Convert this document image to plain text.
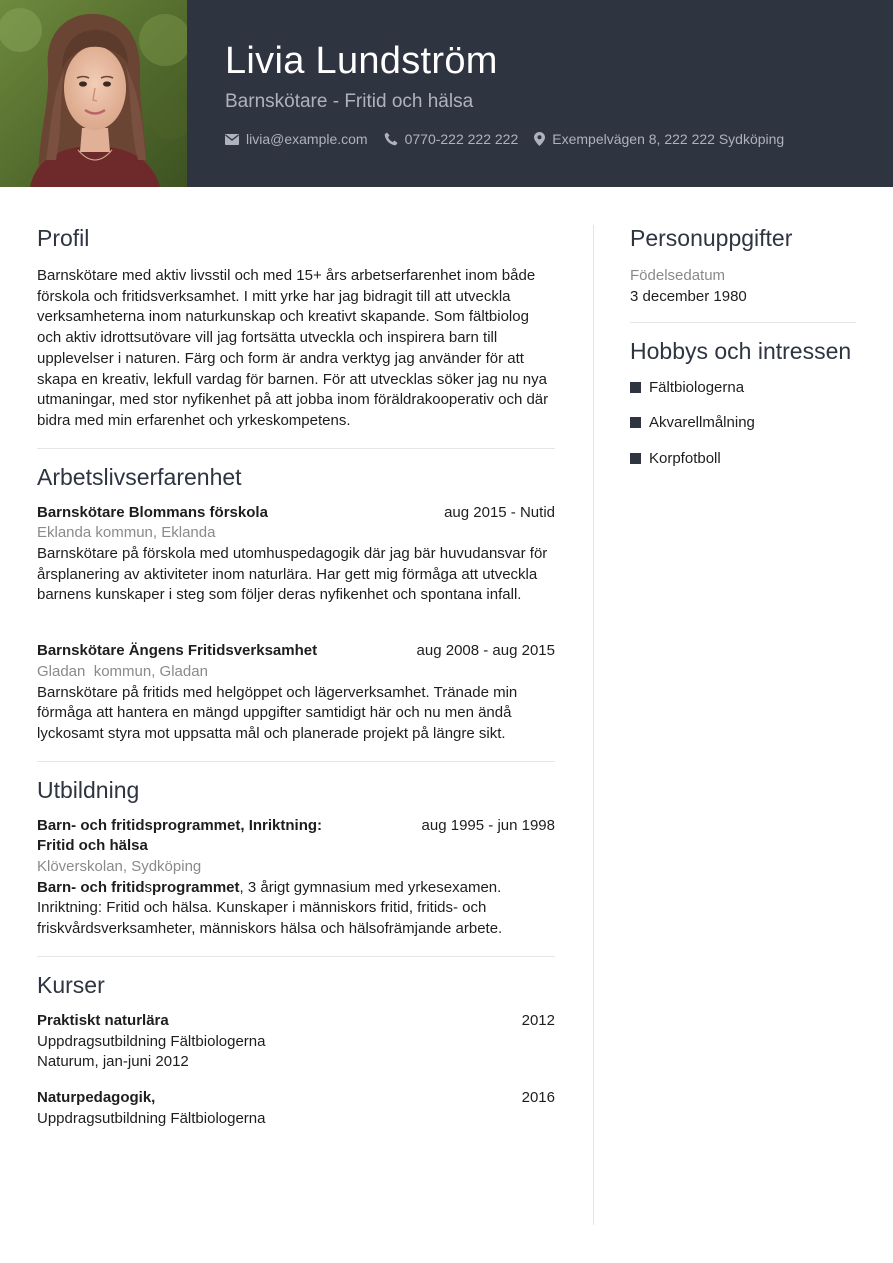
Livia Lundström
Barnskötare - Fritid och hälsa
livia@example.com	0770-222 222 222 Exempelvägen 8, 222 222 Sydköping
Profil
Barnskötare med aktiv livsstil och med 15+ års arbetserfarenhet inom både förskola och fritidsverksamhet. I mitt yrke har jag bidragit till att utveckla verksamheterna inom naturkunskap och kreativt skapande. Som fältbiolog och aktiv idrottsutövare vill jag fortsätta utveckla och inspirera barn till upplevelser i naturen. Färg och form är andra verktyg jag använder för att skapa en kreativ, lekfull vardag för barnen. För att utvecklas söker jag nu nya utmaningar, med stor nyfikenhet på att jobba inom föräldrakooperativ och där bidra med min erfarenhet och yrkeskompetens.
Arbetslivserfarenhet
Barnskötare Blommans förskola	aug 2015 - Nutid
Eklanda kommun, Eklanda
Barnskötare på förskola med utomhuspedagogik där jag bär huvudansvar för årsplanering av aktiviteter inom naturlära. Har gett mig förmåga att utveckla barnens kunskaper i steg som följer deras nyfikenhet och spontana infall.
Barnskötare Ängens Fritidsverksamhet	aug 2008 - aug 2015
Gladan  kommun, Gladan
Barnskötare på fritids med helgöppet och lägerverksamhet. Tränade min förmåga att hantera en mängd uppgifter samtidigt här och nu men ändå lyckosamt styra mot uppsatta mål och planerade projekt på längre sikt.
Utbildning
Barn- och fritidsprogrammet, Inriktning: Fritid och hälsa
aug 1995 - jun 1998
Klöverskolan, Sydköping
Barn- och fritidsprogrammet, 3 årigt gymnasium med yrkesexamen. Inriktning: Fritid och hälsa. Kunskaper i människors fritid, fritids- och friskvårdsverksamheter, människors hälsa och hälsofrämjande arbete.
Kurser
Praktiskt naturlära	2012
Uppdragsutbildning Fältbiologerna
Naturum, jan-juni 2012
Naturpedagogik,	2016
Uppdragsutbildning Fältbiologerna
Personuppgifter
Födelsedatum
3 december 1980
Hobbys och intressen
Fältbiologerna
Akvarellmålning
Korpfotboll
